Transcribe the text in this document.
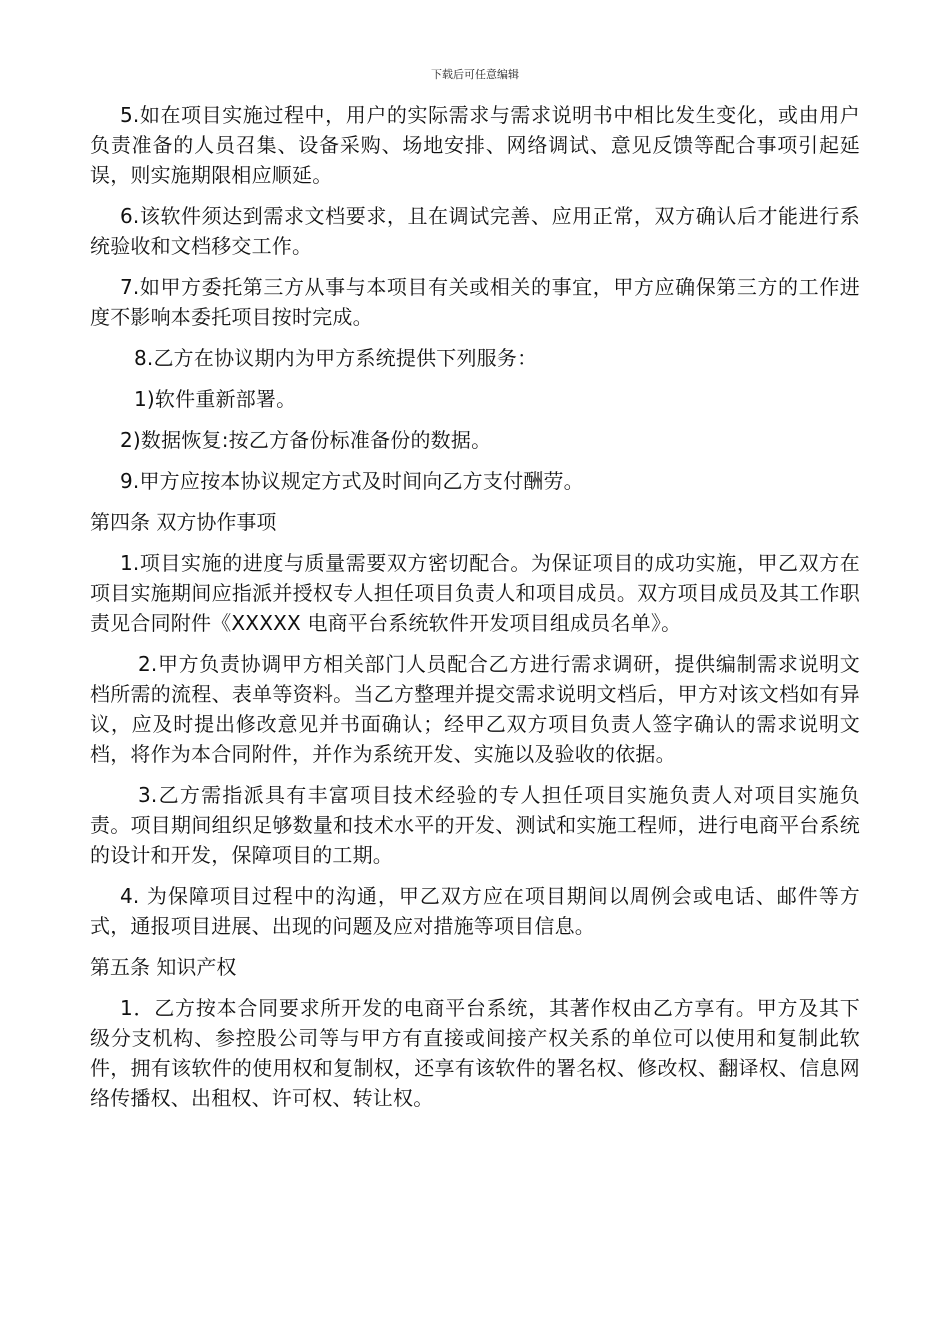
下载后可任意编辑

5.如在项目实施过程中，用户的实际需求与需求说明书中相比发生变化，或由用户负责准备的人员召集、设备采购、场地安排、网络调试、意见反馈等配合事项引起延误，则实施期限相应顺延。

6.该软件须达到需求文档要求，且在调试完善、应用正常，双方确认后才能进行系统验收和文档移交工作。

7.如甲方委托第三方从事与本项目有关或相关的事宜，甲方应确保第三方的工作进度不影响本委托项目按时完成。

8.乙方在协议期内为甲方系统提供下列服务：

1)软件重新部署。

2)数据恢复:按乙方备份标准备份的数据。

9.甲方应按本协议规定方式及时间向乙方支付酬劳。

第四条 双方协作事项

1.项目实施的进度与质量需要双方密切配合。为保证项目的成功实施，甲乙双方在项目实施期间应指派并授权专人担任项目负责人和项目成员。双方项目成员及其工作职责见合同附件《XXXXX 电商平台系统软件开发项目组成员名单》。

2.甲方负责协调甲方相关部门人员配合乙方进行需求调研，提供编制需求说明文档所需的流程、表单等资料。当乙方整理并提交需求说明文档后，甲方对该文档如有异议，应及时提出修改意见并书面确认；经甲乙双方项目负责人签字确认的需求说明文档，将作为本合同附件，并作为系统开发、实施以及验收的依据。

3.乙方需指派具有丰富项目技术经验的专人担任项目实施负责人对项目实施负责。项目期间组织足够数量和技术水平的开发、测试和实施工程师，进行电商平台系统的设计和开发，保障项目的工期。

4. 为保障项目过程中的沟通，甲乙双方应在项目期间以周例会或电话、邮件等方式，通报项目进展、出现的问题及应对措施等项目信息。

第五条 知识产权

1．乙方按本合同要求所开发的电商平台系统，其著作权由乙方享有。甲方及其下级分支机构、参控股公司等与甲方有直接或间接产权关系的单位可以使用和复制此软件，拥有该软件的使用权和复制权，还享有该软件的署名权、修改权、翻译权、信息网络传播权、出租权、许可权、转让权。
